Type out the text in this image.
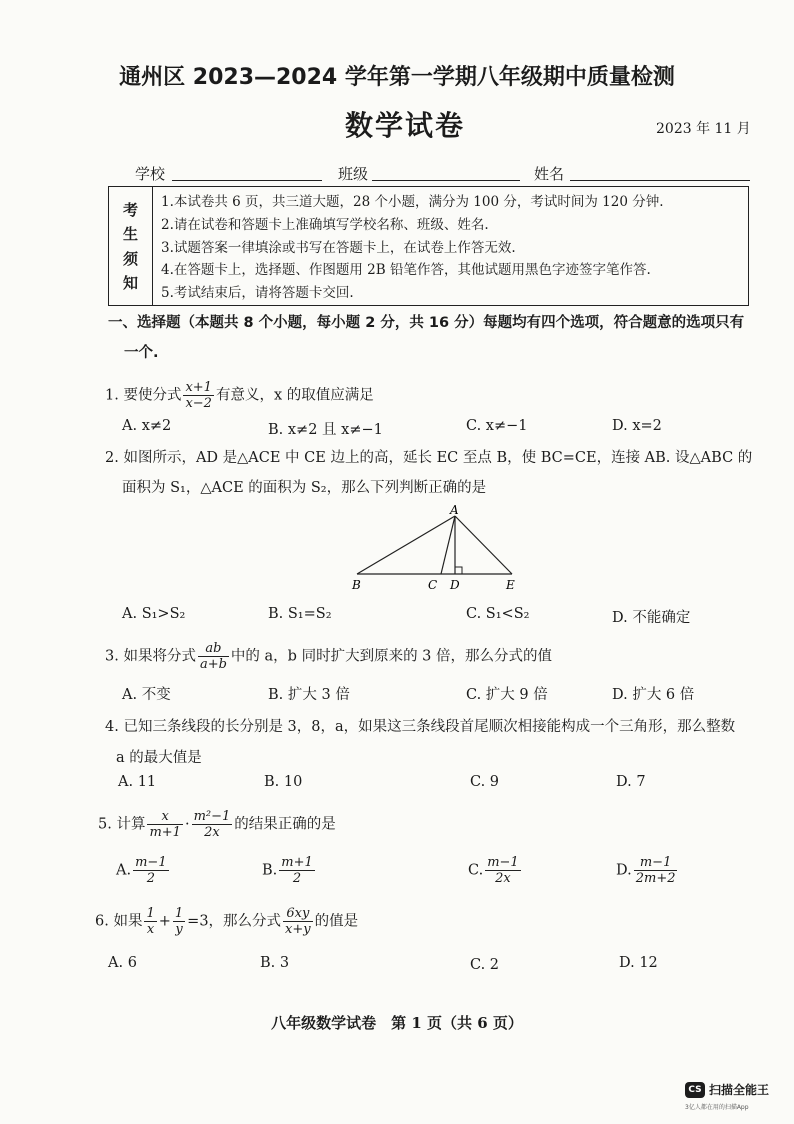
通州区 2023—2024 学年第一学期八年级期中质量检测
数学试卷	2023 年 11 月
学校	班级	姓名
考
生
须
知
1.本试卷共 6 页，共三道大题，28 个小题，满分为 100 分，考试时间为 120 分钟.
2.请在试卷和答题卡上准确填写学校名称、班级、姓名.
3.试题答案一律填涂或书写在答题卡上，在试卷上作答无效.
4.在答题卡上，选择题、作图题用 2B 铅笔作答，其他试题用黑色字迹签字笔作答.
5.考试结束后，请将答题卡交回.
一、选择题（本题共 8 个小题，每小题 2 分，共 16 分）每题均有四个选项，符合题意的选项只有
一个.
1. 要使分式 $\frac{x+1}{x-2}$ 有意义，x 的取值应满足
A. x≠2	B. x≠2 且 x≠−1	C. x≠−1	D. x=2
2. 如图所示，AD 是△ACE 中 CE 边上的高，延长 EC 至点 B，使 BC=CE，连接 AB. 设△ABC 的
面积为 S₁，△ACE 的面积为 S₂，那么下列判断正确的是
A
B	C D	E
A. S₁>S₂	B. S₁=S₂	C. S₁<S₂	D. 不能确定
3. 如果将分式 $\frac{ab}{a+b}$ 中的 a，b 同时扩大到原来的 3 倍，那么分式的值
A. 不变	B. 扩大 3 倍	C. 扩大 9 倍	D. 扩大 6 倍
4. 已知三条线段的长分别是 3，8，a，如果这三条线段首尾顺次相接能构成一个三角形，那么整数
a 的最大值是
A. 11	B. 10	C. 9	D. 7
5. 计算 $\frac{x}{m+1} \cdot \frac{\text{m²−1}}{2x}$ 的结果正确的是
A. $\frac{m-1}{2}$	B. $\frac{m+1}{2}$	C. $\frac{m-1}{2x}$	D. $\frac{m-1}{2m+2}$
6. 如果 $\frac{1}{x} + \frac{1}{y} =3$，那么分式 $\frac{6xy}{x+y}$ 的值是
A. 6	B. 3	C. 2	D. 12
八年级数学试卷　第 1 页（共 6 页）
CS 扫描全能王
3亿人都在用的扫描App
